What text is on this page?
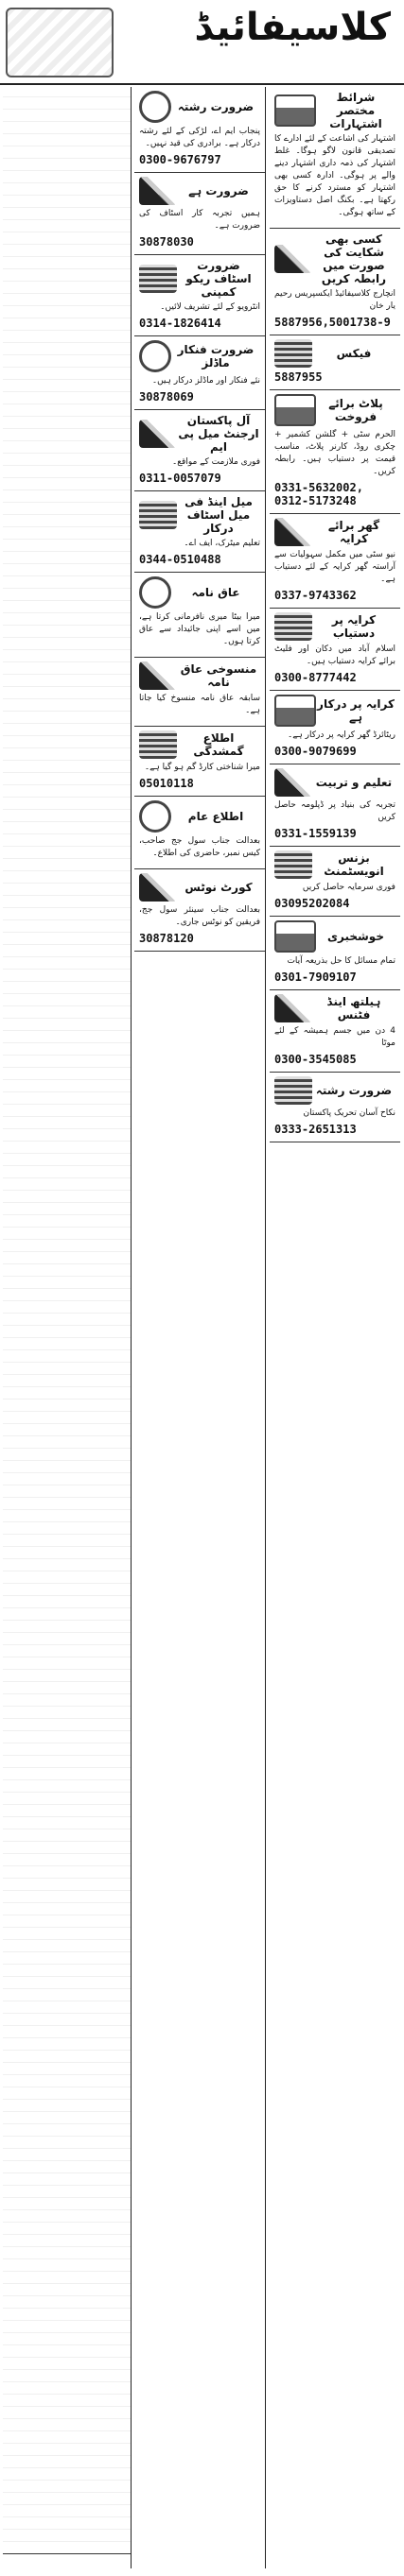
کلاسیفائیڈ
شرائط مختصر اشتہارات
اشتہار کی اشاعت کے لئے ادارے کا تصدیقی قانون لاگو ہوگا۔ غلط اشتہار کی ذمہ داری اشتہار دینے والے پر ہوگی۔ ادارہ کسی بھی اشتہار کو مسترد کرنے کا حق رکھتا ہے۔ بکنگ اصل دستاویزات کے ساتھ ہوگی۔
کسی بھی شکایت کی صورت میں رابطہ کریں
انچارج کلاسیفائیڈ ایکسپریس رحیم یار خان
5887956,5001738-9
فیکس
5887955
پلاٹ برائے فروخت
الحرم سٹی + گلشن کشمیر + چکری روڈ، کارنر پلاٹ، مناسب قیمت پر دستیاب ہیں۔ رابطہ کریں۔
0331-5632002, 0312-5173248
گھر برائے کرایہ
نیو سٹی میں مکمل سہولیات سے آراستہ گھر کرایہ کے لئے دستیاب ہے۔
0337-9743362
کرایہ پر دستیاب
اسلام آباد میں دکان اور فلیٹ برائے کرایہ دستیاب ہیں۔
0300-8777442
کرایہ پر درکار ہے
ریٹائرڈ گھر کرایہ پر درکار ہے۔
0300-9079699
تعلیم و تربیت
تجربہ کی بنیاد پر ڈپلومہ حاصل کریں
0331-1559139
بزنس انویسٹمنٹ
فوری سرمایہ حاصل کریں
03095202084
خوشخبری
تمام مسائل کا حل بذریعہ آیات
0301-7909107
ہیلتھ اینڈ فٹنس
4 دن میں جسم ہمیشہ کے لئے موٹا
0300-3545085
ضرورت رشتہ
نکاح آسان تحریک پاکستان
0333-2651313
ضرورت رشتہ
پنجاب ایم اے، لڑکی کے لئے رشتہ درکار ہے۔ برادری کی قید نہیں۔
0300-9676797
ضرورت ہے
ہمیں تجربہ کار اسٹاف کی ضرورت ہے۔
30878030
ضرورت اسٹاف ریکو کمپنی
انٹرویو کے لئے تشریف لائیں۔
0314-1826414
ضرورت فنکار ماڈلز
نئے فنکار اور ماڈلز درکار ہیں۔
30878069
آل پاکستان ارجنٹ میل پی ایم
فوری ملازمت کے مواقع۔
0311-0057079
میل اینڈ فی میل اسٹاف درکار
تعلیم میٹرک، ایف اے۔
0344-0510488
عاق نامہ
میرا بیٹا میری نافرمانی کرتا ہے، میں اسے اپنی جائیداد سے عاق کرتا ہوں۔
منسوخی عاق نامہ
سابقہ عاق نامہ منسوخ کیا جاتا ہے۔
اطلاع گمشدگی
میرا شناختی کارڈ گم ہو گیا ہے۔
05010118
اطلاع عام
بعدالت جناب سول جج صاحب، کیس نمبر، حاضری کی اطلاع۔
کورٹ نوٹس
بعدالت جناب سینئر سول جج، فریقین کو نوٹس جاری۔
30878120
